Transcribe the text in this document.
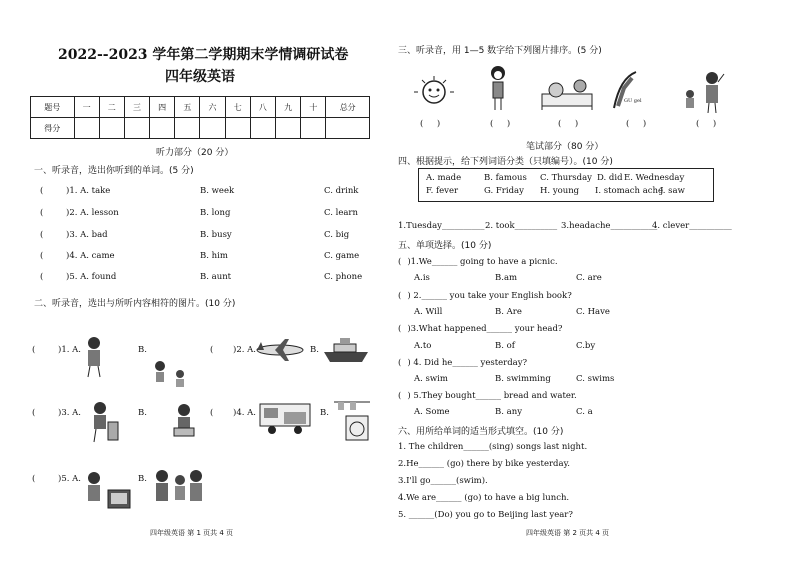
2022--2023 学年第二学期期末学情调研试卷
四年级英语
题号	一	二	三	四	五	六	七	八	九	十	总分
得分											
听力部分（20 分）
一、听录音，选出你听到的单词。(5 分)
(	)1. A. take	B. week	C. drink
(	)2. A. lesson	B. long	C. learn
(	)3. A. bad	B. busy	C. big
(	)4. A. came	B. him	C. game
(	)5. A. found	B. aunt	C. phone
二、听录音，选出与所听内容相符的图片。(10 分)
(	)1. A.	B.	( )2. A.	B.
(	)3. A.	B.	( )4. A.	B.
(	)5. A.	B.
四年级英语 第 1 页共 4 页
三、听录音，用 1—5 数字给下列图片排序。(5 分)
GU gel
(     )	(     )	(     )	(     )	(     )
笔试部分（80 分）
四、根据提示，给下列词语分类（只填编号）。(10 分)
A. made	B. famous C. Thursday D. did E. Wednesday
F. fever	G. Friday H. young I. stomach ache
J. saw
1.Tuesday__________ 2. took__________ 3.headache___________
4. clever__________
五、单项选择。(10 分)
( )1.We______ going to have a picnic.
A.is	B.am	C. are
( ) 2.______ you take your English book?
A. Will	B. Are	C. Have
( )3.What happened______ your head?
A.to	B. of	C.by
( ) 4. Did he______ yesterday?
A. swim	B. swimming	C. swims
( ) 5.They bought______ bread and water.
A. Some	B. any	C. a
六、用所给单词的适当形式填空。(10 分)
1. The children______(sing) songs last night.
2.He______ (go) there by bike yesterday.
3.I'll go______(swim).
4.We are______ (go) to have a big lunch.
5. ______(Do) you go to Beijing last year?
四年级英语 第 2 页共 4 页
